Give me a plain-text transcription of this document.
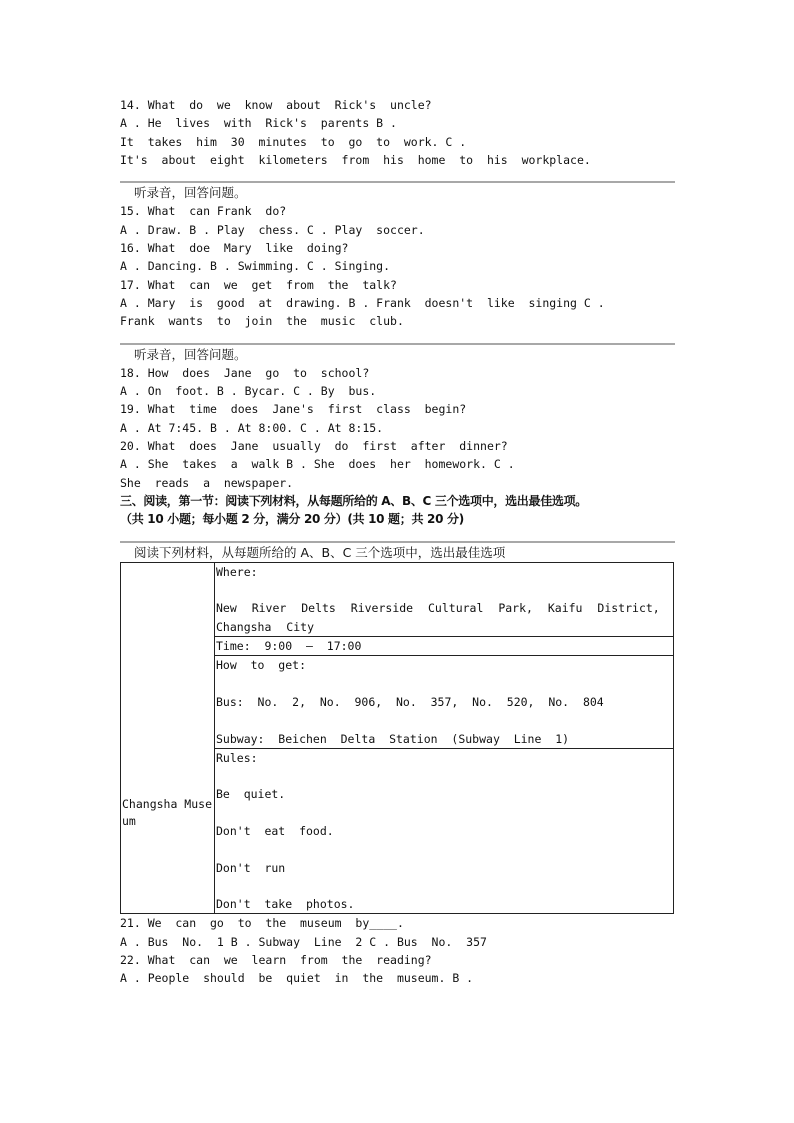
14. What  do  we  know  about  Rick's  uncle?
A . He  lives  with  Rick's  parents B .
It  takes  him  30  minutes  to  go  to  work. C .
It's  about  eight  kilometers  from  his  home  to  his  workplace.
听录音，回答问题。
15. What  can Frank  do?
A . Draw. B . Play  chess. C . Play  soccer.
16. What  doe  Mary  like  doing?
A . Dancing. B . Swimming. C . Singing.
17. What  can  we  get  from  the  talk?
A . Mary  is  good  at  drawing. B . Frank  doesn't  like  singing C .
Frank  wants  to  join  the  music  club.
听录音，回答问题。
18. How  does  Jane  go  to  school?
A . On  foot. B . Bycar. C . By  bus.
19. What  time  does  Jane's  first  class  begin?
A . At 7:45. B . At 8:00. C . At 8:15.
20. What  does  Jane  usually  do  first  after  dinner?
A . She  takes  a  walk B . She  does  her  homework. C .
She  reads  a  newspaper.
三、阅读，第一节：阅读下列材料，从每题所给的 A、B、C 三个选项中，选出最佳选项。
（共 10 小题；每小题 2 分，满分 20 分）(共 10 题；共 20 分)
阅读下列材料，从每题所给的 A、B、C 三个选项中，选出最佳选项
Changsha Museum	
Where:
New River Delts Riverside Cultural Park, Kaifu District, Changsha City

Time:  9:00  –  17:00

How  to  get:
Bus:  No.  2,  No.  906,  No.  357,  No.  520,  No.  804
Subway:  Beichen  Delta  Station  (Subway  Line  1)

Rules:
Be  quiet.
Don't  eat  food.
Don't  run
Don't  take  photos.
21. We  can  go  to  the  museum  by____.
A . Bus  No.  1 B . Subway  Line  2 C . Bus  No.  357
22. What  can  we  learn  from  the  reading?
A . People  should  be  quiet  in  the  museum. B .
